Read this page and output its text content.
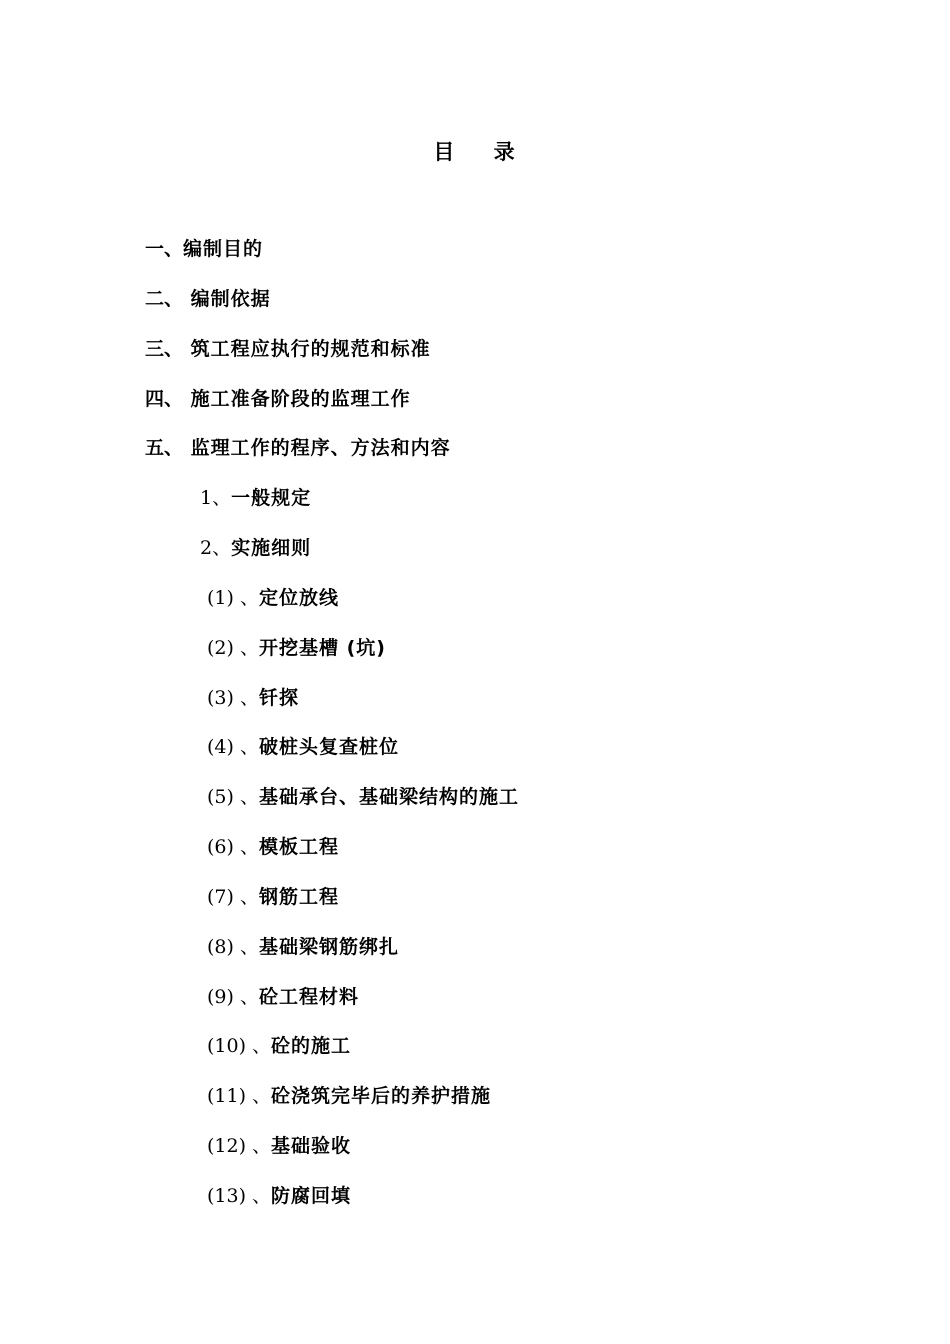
目    录
一、编制目的
二、 编制依据
三、 筑工程应执行的规范和标准
四、 施工准备阶段的监理工作
五、 监理工作的程序、方法和内容
1、一般规定
2、实施细则
(1) 、定位放线
(2) 、开挖基槽 (坑)
(3) 、钎探
(4) 、破桩头复查桩位
(5) 、基础承台、基础梁结构的施工
(6) 、模板工程
(7) 、钢筋工程
(8) 、基础梁钢筋绑扎
(9) 、砼工程材料
(10) 、砼的施工
(11) 、砼浇筑完毕后的养护措施
(12) 、基础验收
(13) 、防腐回填
